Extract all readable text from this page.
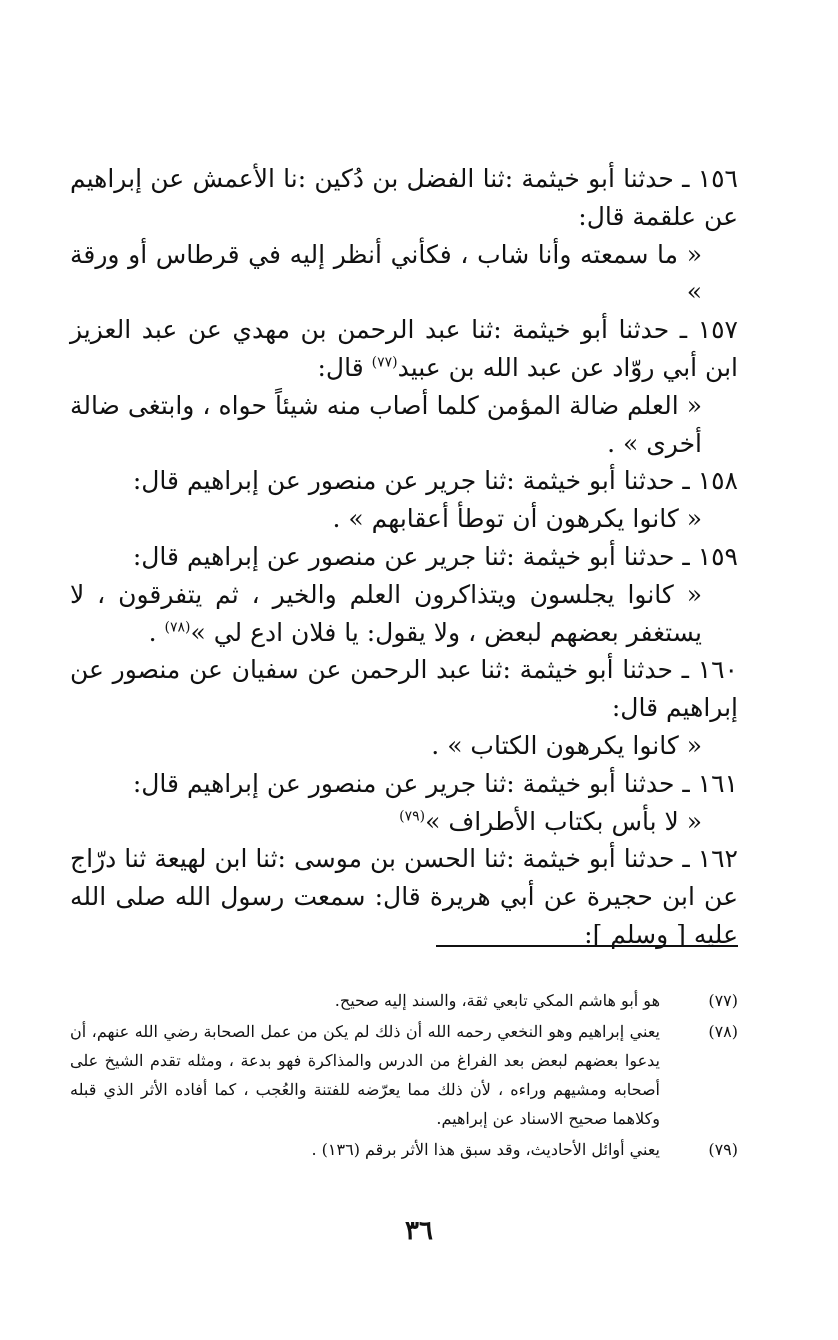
١٥٦ ـ حدثنا أبو خيثمة :ثنا الفضل بن دُكين :نا الأعمش عن إبراهيم عن علقمة قال:

« ما سمعته وأنا شاب ، فكأني أنظر إليه في قرطاس أو ورقة »

١٥٧ ـ حدثنا أبو خيثمة :ثنا عبد الرحمن بن مهدي عن عبد العزيز ابن أبي روّاد عن عبد الله بن عبيد$^{(٧٧)}$ قال:

« العلم ضالة المؤمن كلما أصاب منه شيئاً حواه ، وابتغى ضالة أخرى » .

١٥٨ ـ حدثنا أبو خيثمة :ثنا جرير عن منصور عن إبراهيم قال:

« كانوا يكرهون أن توطأ أعقابهم » .

١٥٩ ـ حدثنا أبو خيثمة :ثنا جرير عن منصور عن إبراهيم قال:

« كانوا يجلسون ويتذاكرون العلم والخير ، ثم يتفرقون ، لا يستغفر بعضهم لبعض ، ولا يقول: يا فلان ادع لي »$^{(٧٨)}$ .

١٦٠ ـ حدثنا أبو خيثمة :ثنا عبد الرحمن عن سفيان عن منصور عن إبراهيم قال:

« كانوا يكرهون الكتاب » .

١٦١ ـ حدثنا أبو خيثمة :ثنا جرير عن منصور عن إبراهيم قال:

« لا بأس بكتاب الأطراف »$^{(٧٩)}$

١٦٢ ـ حدثنا أبو خيثمة :ثنا الحسن بن موسى :ثنا ابن لهيعة ثنا درّاج عن ابن حجيرة عن أبي هريرة قال: سمعت رسول الله صلى الله عليه [ وسلم ]:

(٧٧)
هو أبو هاشم المكي تابعي ثقة، والسند إليه صحيح.
(٧٨)
يعني إبراهيم وهو النخعي رحمه الله أن ذلك لم يكن من عمل الصحابة رضي الله عنهم، أن يدعوا بعضهم لبعض بعد الفراغ من الدرس والمذاكرة فهو بدعة ، ومثله تقدم الشيخ على أصحابه ومشيهم وراءه ، لأن ذلك مما يعرّضه للفتنة والعُجب ، كما أفاده الأثر الذي قبله وكلاهما صحيح الاسناد عن إبراهيم.
(٧٩)
يعني أوائل الأحاديث، وقد سبق هذا الأثر برقم (١٣٦) .
٣٦
